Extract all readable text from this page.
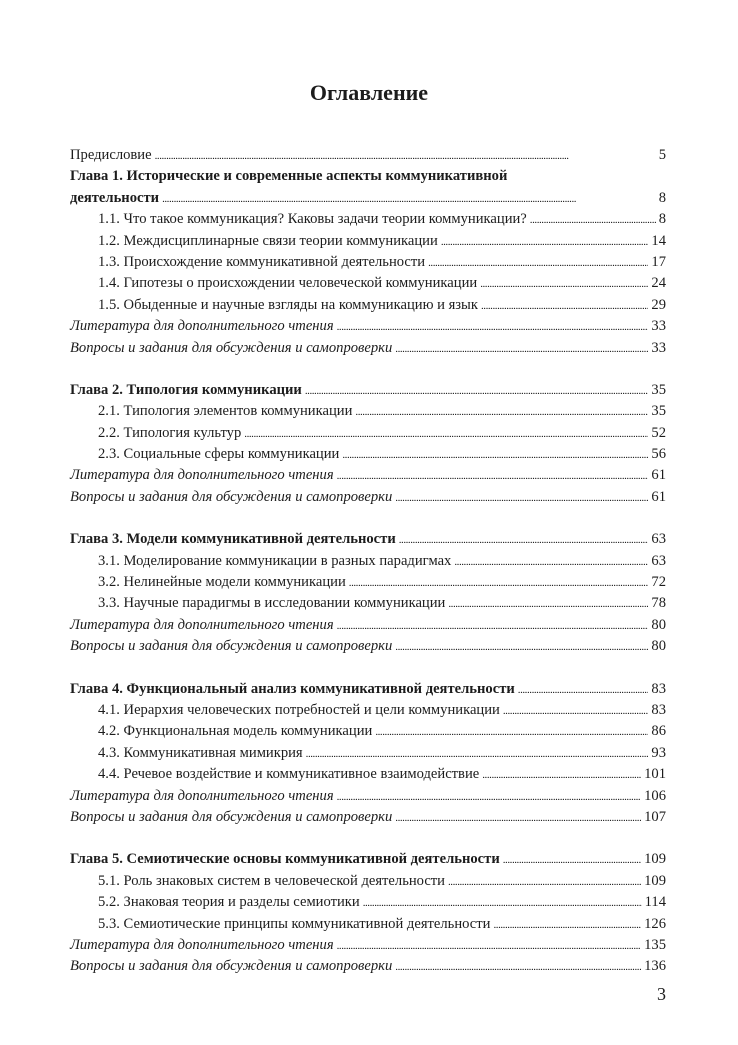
Оглавление
Предисловие . . .	5
Глава 1. Исторические и современные аспекты коммуникативной
деятельности . . .	8
1.1. Что такое коммуникация? Каковы задачи теории коммуникации? . . .	8
1.2. Междисциплинарные связи теории коммуникации . . .	14
1.3. Происхождение коммуникативной деятельности . . .	17
1.4. Гипотезы о происхождении человеческой коммуникации . . .	24
1.5. Обыденные и научные взгляды на коммуникацию и язык . . .	29
Литература для дополнительного чтения . . .	33
Вопросы и задания для обсуждения и самопроверки . . .	33
Глава 2. Типология коммуникации . . .	35
2.1. Типология элементов коммуникации . . .	35
2.2. Типология культур . . .	52
2.3. Социальные сферы коммуникации . . .	56
Литература для дополнительного чтения . . .	61
Вопросы и задания для обсуждения и самопроверки . . .	61
Глава 3. Модели коммуникативной деятельности . . .	63
3.1. Моделирование коммуникации в разных парадигмах . . .	63
3.2. Нелинейные модели коммуникации . . .	72
3.3. Научные парадигмы в исследовании коммуникации . . .	78
Литература для дополнительного чтения . . .	80
Вопросы и задания для обсуждения и самопроверки . . .	80
Глава 4. Функциональный анализ коммуникативной деятельности . . .	83
4.1. Иерархия человеческих потребностей и цели коммуникации . . .	83
4.2. Функциональная модель коммуникации . . .	86
4.3. Коммуникативная мимикрия . . .	93
4.4. Речевое воздействие и коммуникативное взаимодействие . . .	101
Литература для дополнительного чтения . . .	106
Вопросы и задания для обсуждения и самопроверки . . .	107
Глава 5. Семиотические основы коммуникативной деятельности . . .	109
5.1. Роль знаковых систем в человеческой деятельности . . .	109
5.2. Знаковая теория и разделы семиотики . . .	114
5.3. Семиотические принципы коммуникативной деятельности . . .	126
Литература для дополнительного чтения . . .	135
Вопросы и задания для обсуждения и самопроверки . . .	136
3
